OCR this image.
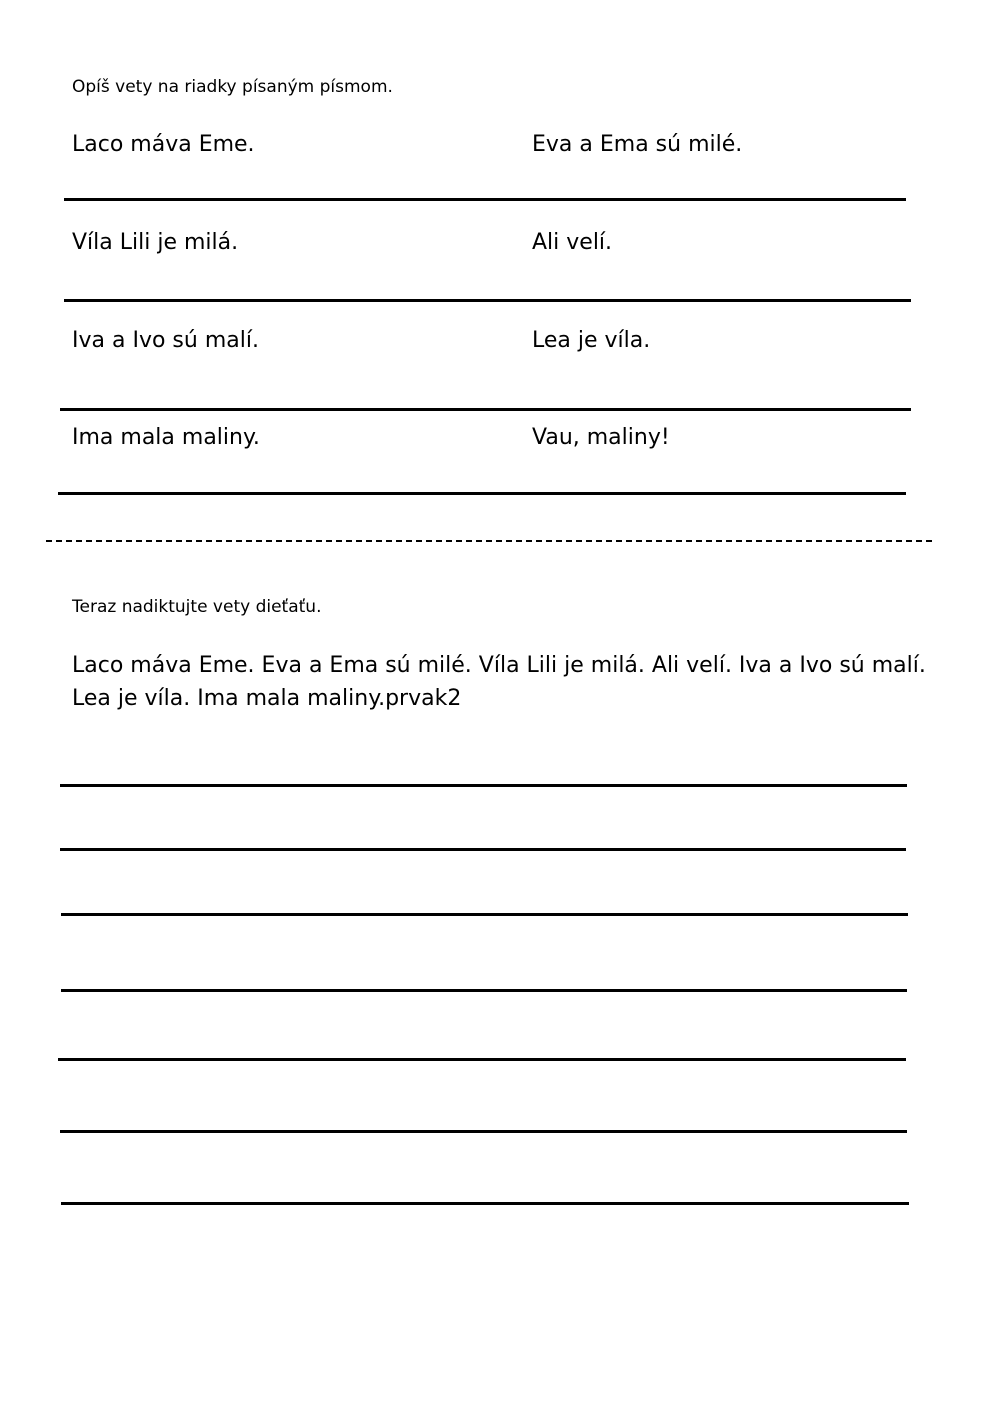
Opíš vety na riadky písaným písmom.
Laco máva Eme.	Eva a Ema sú milé.
Víla Lili je milá.	Ali velí.
Iva a Ivo sú malí.	Lea je víla.
Ima mala maliny.	Vau, maliny!
Teraz nadiktujte vety dieťaťu.
Laco máva Eme. Eva a Ema sú milé. Víla Lili je milá. Ali velí. Iva a Ivo sú malí. Lea je víla. Ima mala maliny.prvak2
